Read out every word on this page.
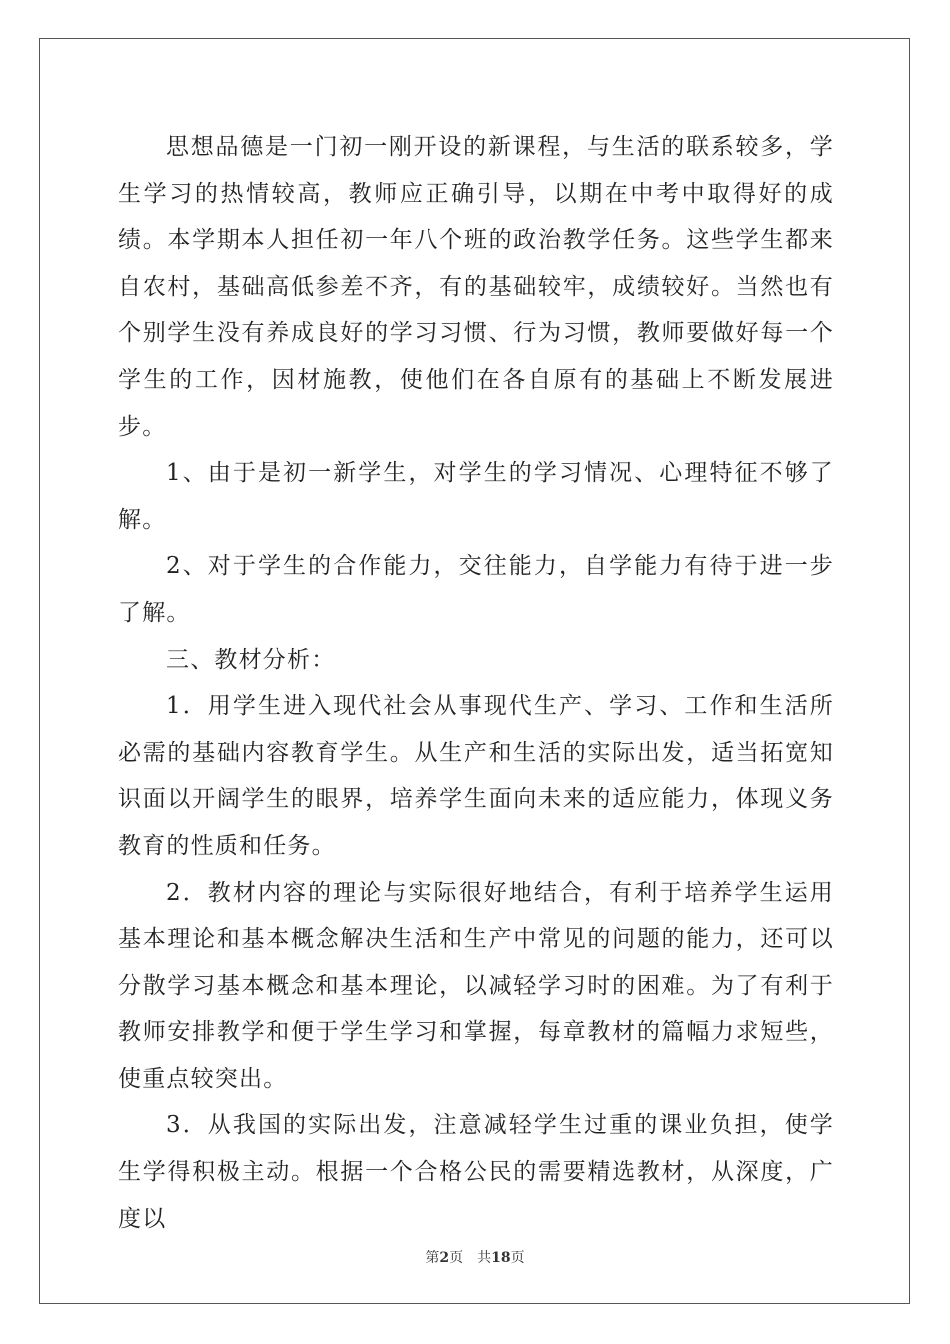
思想品德是一门初一刚开设的新课程，与生活的联系较多，学生学习的热情较高，教师应正确引导，以期在中考中取得好的成绩。本学期本人担任初一年八个班的政治教学任务。这些学生都来自农村，基础高低参差不齐，有的基础较牢，成绩较好。当然也有个别学生没有养成良好的学习习惯、行为习惯，教师要做好每一个学生的工作，因材施教，使他们在各自原有的基础上不断发展进步。

1、由于是初一新学生，对学生的学习情况、心理特征不够了解。

2、对于学生的合作能力，交往能力，自学能力有待于进一步了解。

三、教材分析：

1．用学生进入现代社会从事现代生产、学习、工作和生活所必需的基础内容教育学生。从生产和生活的实际出发，适当拓宽知识面以开阔学生的眼界，培养学生面向未来的适应能力，体现义务教育的性质和任务。

2．教材内容的理论与实际很好地结合，有利于培养学生运用基本理论和基本概念解决生活和生产中常见的问题的能力，还可以分散学习基本概念和基本理论，以减轻学习时的困难。为了有利于教师安排教学和便于学生学习和掌握，每章教材的篇幅力求短些，使重点较突出。

3．从我国的实际出发，注意减轻学生过重的课业负担，使学生学得积极主动。根据一个合格公民的需要精选教材，从深度，广度以

第2页 共18页
